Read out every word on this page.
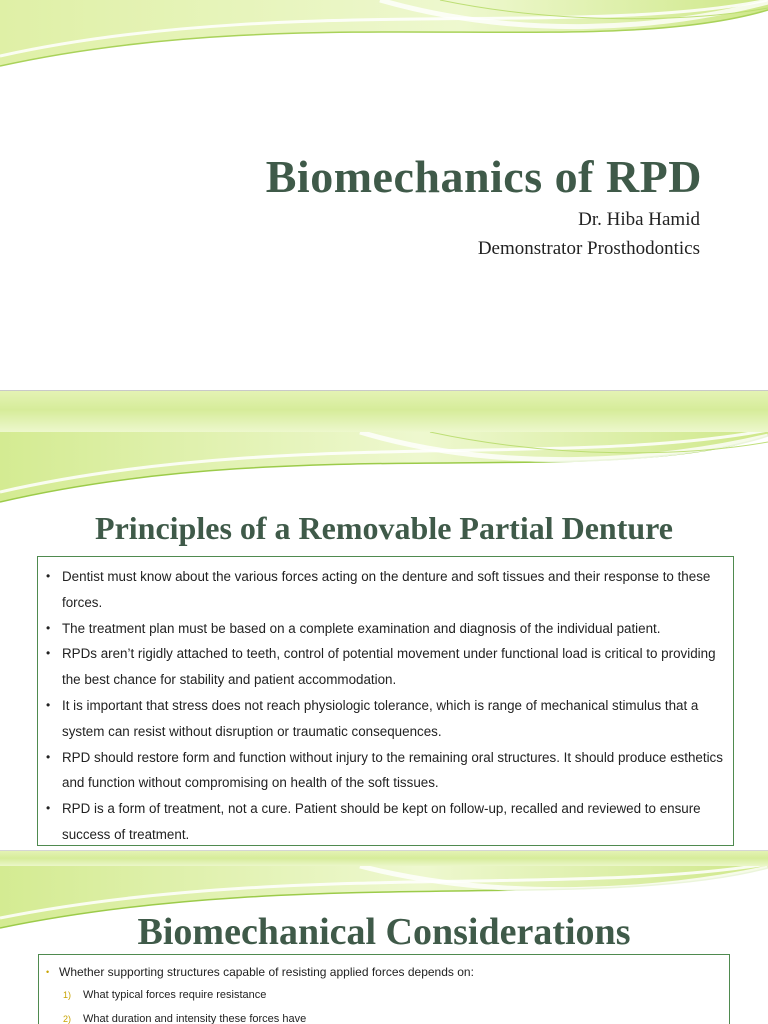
Biomechanics of RPD
Dr. Hiba Hamid
Demonstrator Prosthodontics
Principles of a Removable Partial Denture
• Dentist must know about the various forces acting on the denture and soft tissues and their response to these forces.
• The treatment plan must be based on a complete examination and diagnosis of the individual patient.
• RPDs aren’t rigidly attached to teeth, control of potential movement under functional load is critical to providing the best chance for stability and patient accommodation.
• It is important that stress does not reach physiologic tolerance, which is range of mechanical stimulus that a system can resist without disruption or traumatic consequences.
• RPD should restore form and function without injury to the remaining oral structures. It should produce esthetics and function without compromising on health of the soft tissues.
• RPD is a form of treatment, not a cure. Patient should be kept on follow-up, recalled and reviewed to ensure success of treatment.
Biomechanical Considerations
• Whether supporting structures capable of resisting applied forces depends on:
1) What typical forces require resistance
2) What duration and intensity these forces have
